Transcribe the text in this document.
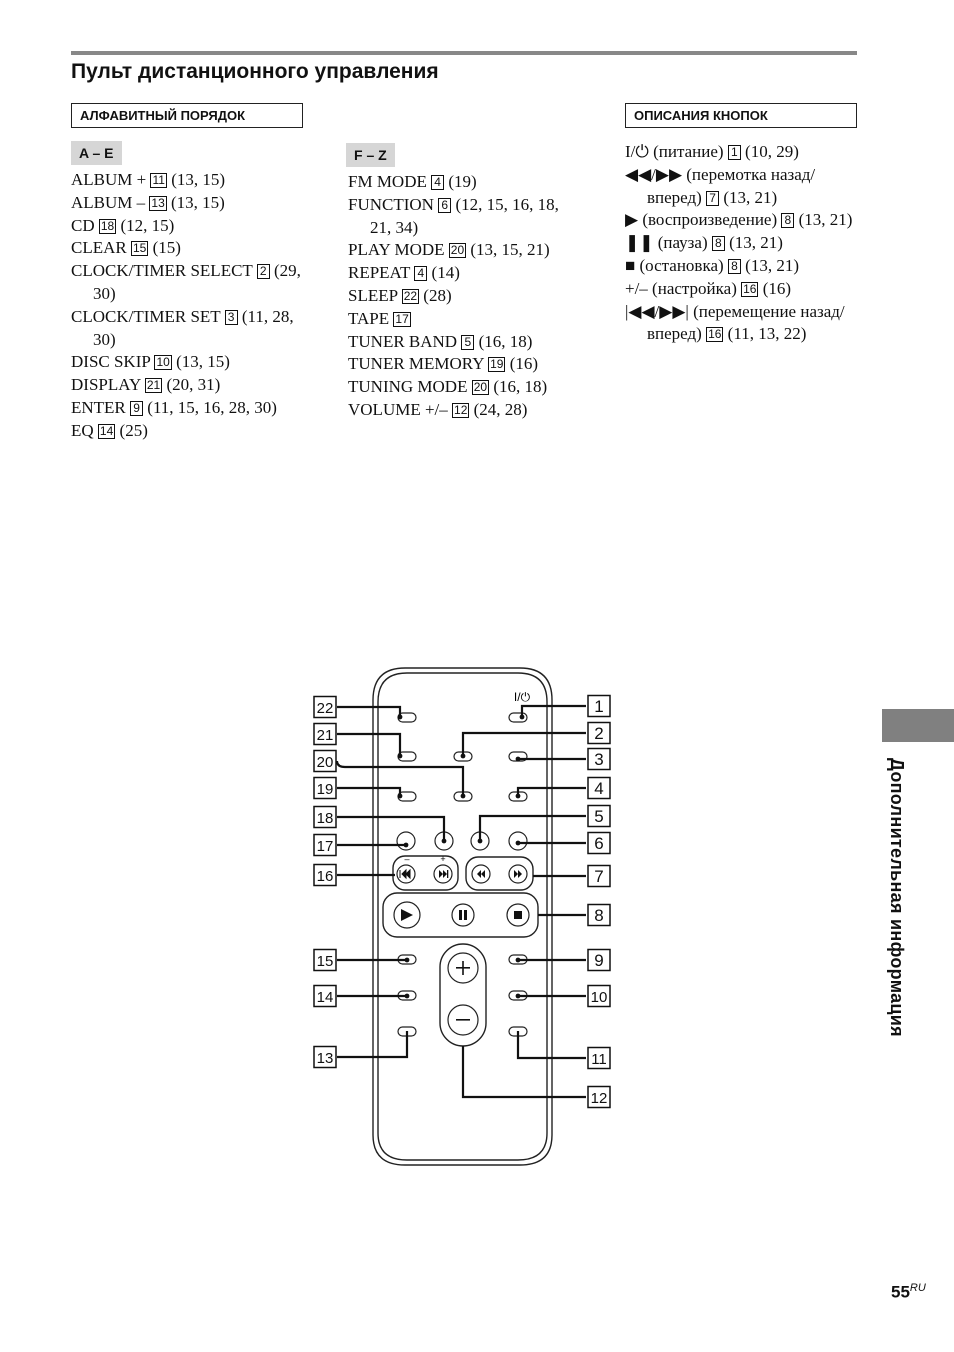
Пульт дистанционного управления
АЛФАВИТНЫЙ ПОРЯДОК	ОПИСАНИЯ КНОПОК
A – E	F – Z
ALBUM + 11 (13, 15)
ALBUM – 13 (13, 15)
CD 18 (12, 15)
CLEAR 15 (15)
CLOCK/TIMER SELECT 2 (29, 30)
CLOCK/TIMER SET 3 (11, 28, 30)
DISC SKIP 10 (13, 15)
DISPLAY 21 (20, 31)
ENTER 9 (11, 15, 16, 28, 30)
EQ 14 (25)
FM MODE 4 (19)
FUNCTION 6 (12, 15, 16, 18, 21, 34)
PLAY MODE 20 (13, 15, 21)
REPEAT 4 (14)
SLEEP 22 (28)
TAPE 17
TUNER BAND 5 (16, 18)
TUNER MEMORY 19 (16)
TUNING MODE 20 (16, 18)
VOLUME +/– 12 (24, 28)
I/⏻ (питание) 1 (10, 29)
◀◀/▶▶ (перемотка назад/вперед) 7 (13, 21)
▶ (воспроизведение) 8 (13, 21)
❚❚ (пауза) 8 (13, 21)
■ (остановка) 8 (13, 21)
+/– (настройка) 16 (16)
|◀◀/▶▶| (перемещение назад/вперед) 16 (11, 13, 22)
I/⏻
–	+
22
21
20
19
18
17
16
15
14
13
1
2
3
4
5
6
7
8
9
10
11
12
Дополнительная информация
$55^{RU}$
